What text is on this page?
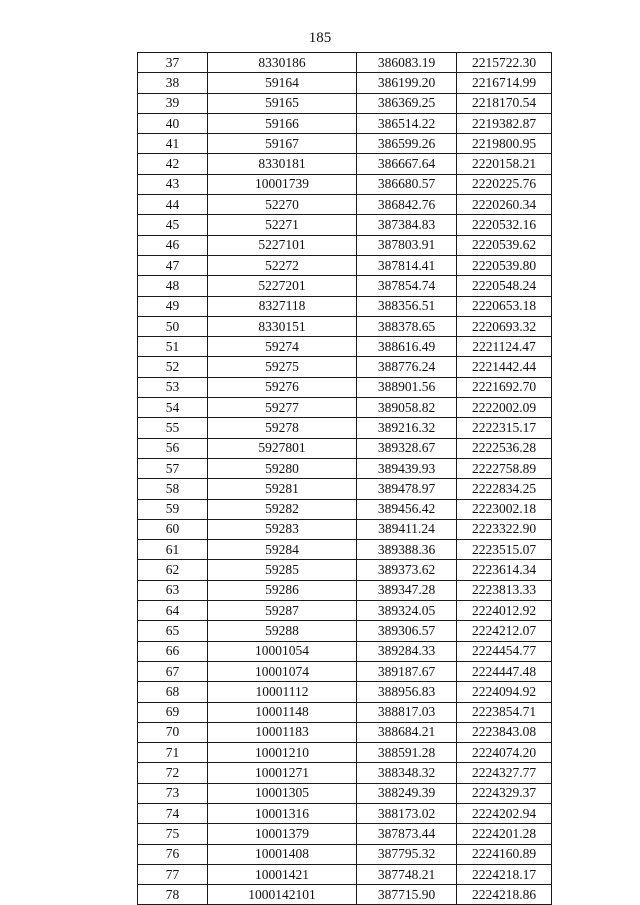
185
37	8330186	386083.19	2215722.30
38	59164	386199.20	2216714.99
39	59165	386369.25	2218170.54
40	59166	386514.22	2219382.87
41	59167	386599.26	2219800.95
42	8330181	386667.64	2220158.21
43	10001739	386680.57	2220225.76
44	52270	386842.76	2220260.34
45	52271	387384.83	2220532.16
46	5227101	387803.91	2220539.62
47	52272	387814.41	2220539.80
48	5227201	387854.74	2220548.24
49	8327118	388356.51	2220653.18
50	8330151	388378.65	2220693.32
51	59274	388616.49	2221124.47
52	59275	388776.24	2221442.44
53	59276	388901.56	2221692.70
54	59277	389058.82	2222002.09
55	59278	389216.32	2222315.17
56	5927801	389328.67	2222536.28
57	59280	389439.93	2222758.89
58	59281	389478.97	2222834.25
59	59282	389456.42	2223002.18
60	59283	389411.24	2223322.90
61	59284	389388.36	2223515.07
62	59285	389373.62	2223614.34
63	59286	389347.28	2223813.33
64	59287	389324.05	2224012.92
65	59288	389306.57	2224212.07
66	10001054	389284.33	2224454.77
67	10001074	389187.67	2224447.48
68	10001112	388956.83	2224094.92
69	10001148	388817.03	2223854.71
70	10001183	388684.21	2223843.08
71	10001210	388591.28	2224074.20
72	10001271	388348.32	2224327.77
73	10001305	388249.39	2224329.37
74	10001316	388173.02	2224202.94
75	10001379	387873.44	2224201.28
76	10001408	387795.32	2224160.89
77	10001421	387748.21	2224218.17
78	1000142101	387715.90	2224218.86
